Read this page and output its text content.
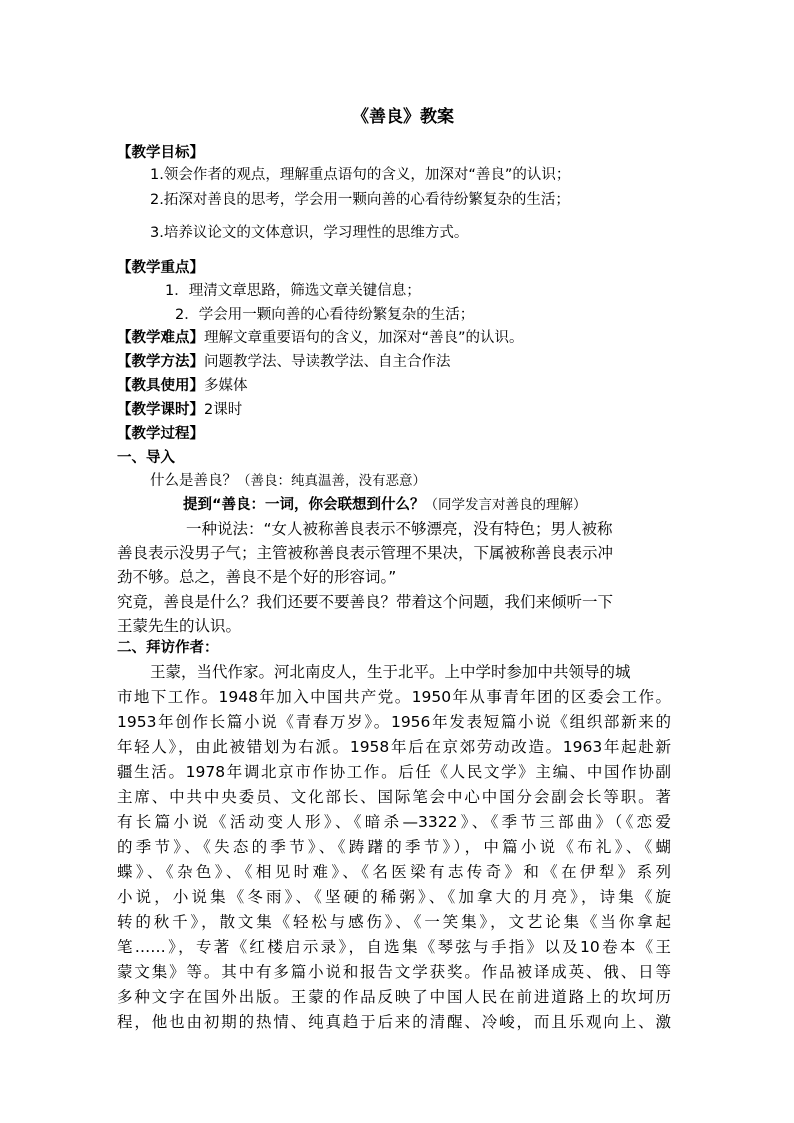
《善良》教案
【教学目标】
1.领会作者的观点，理解重点语句的含义，加深对“善良”的认识；
2.拓深对善良的思考，学会用一颗向善的心看待纷繁复杂的生活；
3.培养议论文的文体意识，学习理性的思维方式。
【教学重点】
1．理清文章思路，筛选文章关键信息；
2．学会用一颗向善的心看待纷繁复杂的生活；
【教学难点】理解文章重要语句的含义，加深对“善良”的认识。
【教学方法】问题教学法、导读教学法、自主合作法
【教具使用】多媒体
【教学课时】2课时
【教学过程】
一、导入
什么是善良？（善良：纯真温善，没有恶意）
提到“善良：一词，你会联想到什么？（同学发言对善良的理解）
一种说法：“女人被称善良表示不够漂亮，没有特色；男人被称
善良表示没男子气；主管被称善良表示管理不果决，下属被称善良表示冲
劲不够。总之，善良不是个好的形容词。”
究竟，善良是什么？我们还要不要善良？带着这个问题，我们来倾听一下
王蒙先生的认识。
二、拜访作者：
王蒙，当代作家。河北南皮人，生于北平。上中学时参加中共领导的城
市地下工作。1948年加入中国共产党。1950年从事青年团的区委会工作。
1953年创作长篇小说《青春万岁》。1956年发表短篇小说《组织部新来的
年轻人》，由此被错划为右派。1958年后在京郊劳动改造。1963年起赴新
疆生活。1978年调北京市作协工作。后任《人民文学》主编、中国作协副
主席、中共中央委员、文化部长、国际笔会中心中国分会副会长等职。著
有长篇小说《活动变人形》、《暗杀—3322》、《季节三部曲》（《恋爱
的季节》、《失态的季节》、《踌躇的季节》），中篇小说《布礼》、《蝴
蝶》、《杂色》、《相见时难》、《名医梁有志传奇》和《在伊犁》系列
小说，小说集《冬雨》、《坚硬的稀粥》、《加拿大的月亮》，诗集《旋
转的秋千》，散文集《轻松与感伤》、《一笑集》，文艺论集《当你拿起
笔……》，专著《红楼启示录》，自选集《琴弦与手指》以及10卷本《王
蒙文集》等。其中有多篇小说和报告文学获奖。作品被译成英、俄、日等
多种文字在国外出版。王蒙的作品反映了中国人民在前进道路上的坎坷历
程，他也由初期的热情、纯真趋于后来的清醒、冷峻，而且乐观向上、激
